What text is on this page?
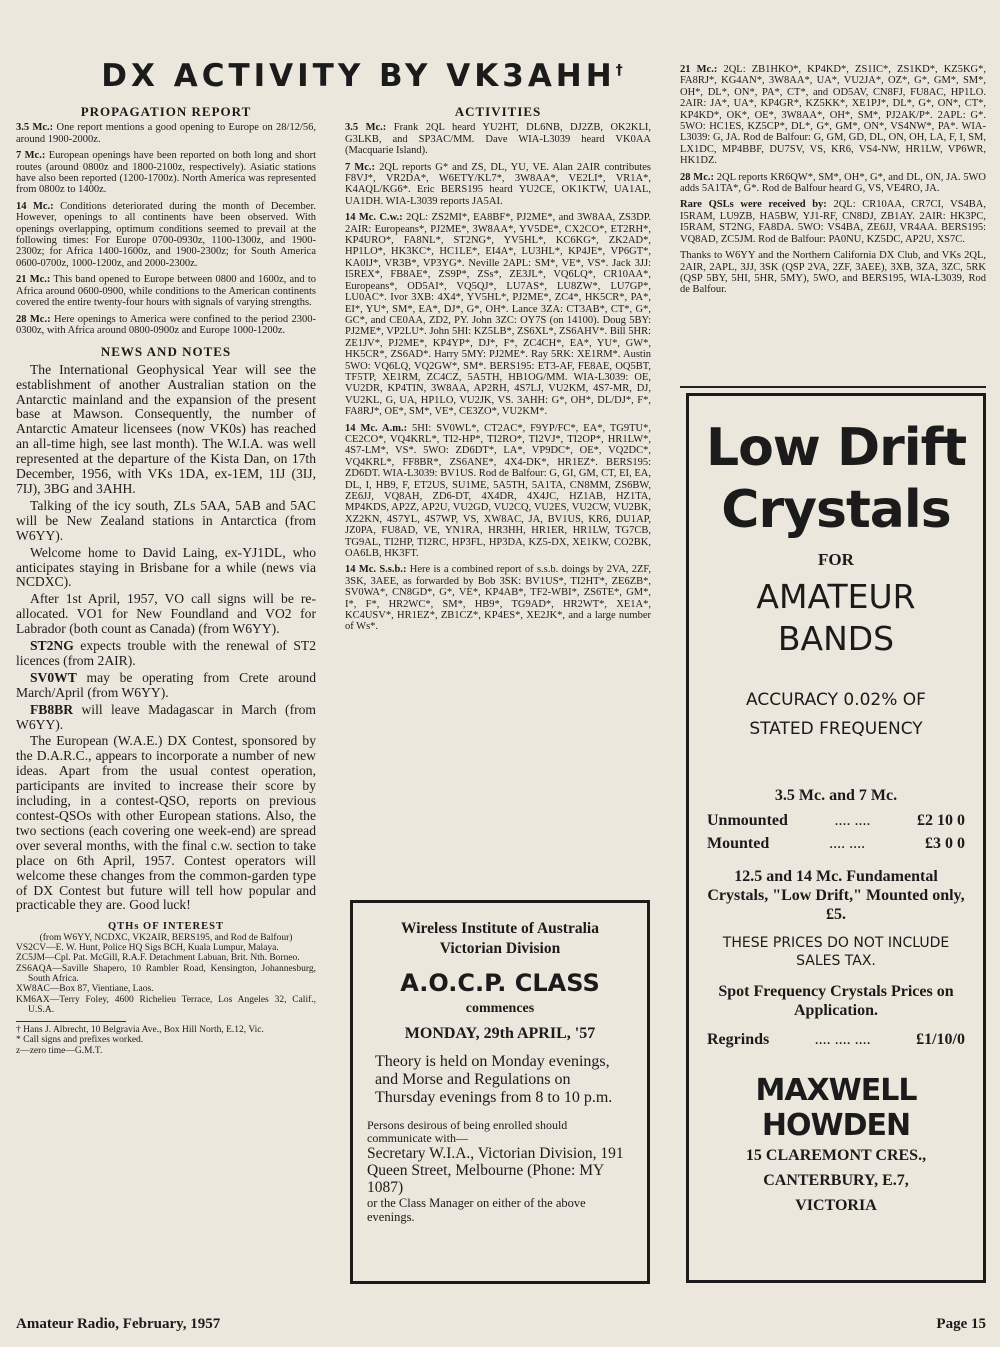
DX ACTIVITY BY VK3AHH†
PROPAGATION REPORT

3.5 Mc.: One report mentions a good opening to Europe on 28/12/56, around 1900-2000z.

7 Mc.: European openings have been reported on both long and short routes (around 0800z and 1800-2100z, respectively). Asiatic stations have also been reported (1200-1700z). North America was represented from 0800z to 1400z.

14 Mc.: Conditions deteriorated during the month of December. However, openings to all continents have been observed. With openings overlapping, optimum conditions seemed to prevail at the following times: For Europe 0700-0930z, 1100-1300z, and 1900-2300z; for Africa 1400-1600z, and 1900-2300z; for South America 0600-0700z, 1000-1200z, and 2000-2300z.

21 Mc.: This band opened to Europe between 0800 and 1600z, and to Africa around 0600-0900, while conditions to the American continents covered the entire twenty-four hours with signals of varying strengths.

28 Mc.: Here openings to America were confined to the period 2300-0300z, with Africa around 0800-0900z and Europe 1000-1200z.

NEWS AND NOTES

The International Geophysical Year will see the establishment of another Australian station on the Antarctic mainland and the expansion of the present base at Mawson. Consequently, the number of Antarctic Amateur licensees (now VK0s) has reached an all-time high, see last month). The W.I.A. was well represented at the departure of the Kista Dan, on 17th December, 1956, with VKs 1DA, ex-1EM, 1IJ (3IJ, 7IJ), 3BG and 3AHH.

Talking of the icy south, ZLs 5AA, 5AB and 5AC will be New Zealand stations in Antarctica (from W6YY).

Welcome home to David Laing, ex-YJ1DL, who anticipates staying in Brisbane for a while (news via NCDXC).

After 1st April, 1957, VO call signs will be re-allocated. VO1 for New Foundland and VO2 for Labrador (both count as Canada) (from W6YY).

ST2NG expects trouble with the renewal of ST2 licences (from 2AIR).

SV0WT may be operating from Crete around March/April (from W6YY).

FB8BR will leave Madagascar in March (from W6YY).

The European (W.A.E.) DX Contest, sponsored by the D.A.R.C., appears to incorporate a number of new ideas. Apart from the usual contest operation, participants are invited to increase their score by including, in a contest-QSO, reports on previous contest-QSOs with other European stations. Also, the two sections (each covering one week-end) are spread over several months, with the final c.w. section to take place on 6th April, 1957. Contest operators will welcome these changes from the common-garden type of DX Contest but future will tell how popular and practicable they are. Good luck!

QTHs OF INTEREST
(from W6YY, NCDXC, VK2AIR, BERS195, and Rod de Balfour)

VS2CV—E. W. Hunt, Police HQ Sigs BCH, Kuala Lumpur, Malaya.

ZC5JM—Cpl. Pat. McGill, R.A.F. Detachment Labuan, Brit. Nth. Borneo.

ZS6AQA—Saville Shapero, 10 Rambler Road, Kensington, Johannesburg, South Africa.

XW8AC—Box 87, Vientiane, Laos.

KM6AX—Terry Foley, 4600 Richelieu Terrace, Los Angeles 32, Calif., U.S.A.

† Hans J. Albrecht, 10 Belgravia Ave., Box Hill North, E.12, Vic.

* Call signs and prefixes worked.

z—zero time—G.M.T.

ACTIVITIES

3.5 Mc.: Frank 2QL heard YU2HT, DL6NB, DJ2ZB, OK2KLI, G3LKB, and SP3AC/MM. Dave WIA-L3039 heard VK0AA (Macquarie Island).

7 Mc.: 2QL reports G* and ZS, DL, YU, VE. Alan 2AIR contributes F8VJ*, VR2DA*, W6ETY/KL7*, 3W8AA*, VE2LI*, VR1A*, K4AQL/KG6*. Eric BERS195 heard YU2CE, OK1KTW, UA1AL, UA1DH. WIA-L3039 reports JA5AI.

14 Mc. C.w.: 2QL: ZS2MI*, EA8BF*, PJ2ME*, and 3W8AA, ZS3DP. 2AIR: Europeans*, PJ2ME*, 3W8AA*, YV5DE*, CX2CO*, ET2RH*, KP4URO*, FA8NL*, ST2NG*, YV5HL*, KC6KG*, ZK2AD*, HP1LO*, HK3KC*, HC1LE*, EI4A*, LU3HL*, KP4JE*, VP6GT*, KA0IJ*, VR3B*, VP3YG*. Neville 2APL: SM*, VE*, VS*. Jack 3JJ: I5REX*, FB8AE*, ZS9P*, ZSs*, ZE3JL*, VQ6LQ*, CR10AA*, Europeans*, OD5AI*, VQ5QJ*, LU7AS*, LU8ZW*, LU7GP*, LU0AC*. Ivor 3XB: 4X4*, YV5HL*, PJ2ME*, ZC4*, HK5CR*, PA*, EI*, YU*, SM*, EA*, DJ*, G*, OH*. Lance 3ZA: CT3AB*, CT*, G*, GC*, and CE0AA, ZD2, PY. John 3ZC: OY7S (on 14100). Doug 5BY: PJ2ME*, VP2LU*. John 5HI: KZ5LB*, ZS6XL*, ZS6AHV*. Bill 5HR: ZE1JV*, PJ2ME*, KP4YP*, DJ*, F*, ZC4CH*, EA*, YU*, GW*, HK5CR*, ZS6AD*. Harry 5MY: PJ2ME*. Ray 5RK: XE1RM*. Austin 5WO: VQ6LQ, VQ2GW*, SM*. BERS195: ET3-AF, FE8AE, OQ5BT, TF5TP, XE1RM, ZC4CZ, 5A5TH, HB1OG/MM. WIA-L3039: OE, VU2DR, KP4TIN, 3W8AA, AP2RH, 4S7LJ, VU2KM, 4S7-MR, DJ, VU2KL, G, UA, HP1LO, VU2JK, VS. 3AHH: G*, OH*, DL/DJ*, F*, FA8RJ*, OE*, SM*, VE*, CE3ZO*, VU2KM*.

14 Mc. A.m.: 5HI: SV0WL*, CT2AC*, F9YP/FC*, EA*, TG9TU*, CE2CO*, VQ4KRL*, TI2-HP*, TI2RO*, TI2VJ*, TI2OP*, HR1LW*, 4S7-LM*, VS*. 5WO: ZD6DT*, LA*, VP9DC*, OE*, VQ2DC*, VQ4KRL*, FF8BR*, ZS6ANE*, 4X4-DK*, HR1EZ*. BERS195: ZD6DT. WIA-L3039: BV1US. Rod de Balfour: G, GI, GM, CT, EI, EA, DL, I, HB9, F, ET2US, SU1ME, 5A5TH, 5A1TA, CN8MM, ZS6BW, ZE6JJ, VQ8AH, ZD6-DT, 4X4DR, 4X4JC, HZ1AB, HZ1TA, MP4KDS, AP2Z, AP2U, VU2GD, VU2CQ, VU2ES, VU2CW, VU2BK, XZ2KN, 4S7YL, 4S7WP, VS, XW8AC, JA, BV1US, KR6, DU1AP, JZ0PA, FU8AD, VE, YN1RA, HR3HH, HR1ER, HR1LW, TG7CB, TG9AL, TI2HP, TI2RC, HP3FL, HP3DA, KZ5-DX, XE1KW, CO2BK, OA6LB, HK3FT.

14 Mc. S.s.b.: Here is a combined report of s.s.b. doings by 2VA, 2ZF, 3SK, 3AEE, as forwarded by Bob 3SK: BV1US*, TI2HT*, ZE6ZB*, SV0WA*, CN8GD*, G*, VE*, KP4AB*, TF2-WBI*, ZS6TE*, GM*, I*, F*, HR2WC*, SM*, HB9*, TG9AD*, HR2WT*, XE1A*, KC4USV*, HR1EZ*, ZB1CZ*, KP4ES*, XE2JK*, and a large number of Ws*.

21 Mc.: 2QL: ZB1HKO*, KP4KD*, ZS1IC*, ZS1KD*, KZ5KG*, FA8RJ*, KG4AN*, 3W8AA*, UA*, VU2JA*, OZ*, G*, GM*, SM*, OH*, DL*, ON*, PA*, CT*, and OD5AV, CN8FJ, FU8AC, HP1LO. 2AIR: JA*, UA*, KP4GR*, KZ5KK*, XE1PJ*, DL*, G*, ON*, CT*, KP4KD*, OK*, OE*, 3W8AA*, OH*, SM*, PJ2AK/P*. 2APL: G*. 5WO: HC1ES, KZ5CP*, DL*, G*, GM*, ON*, VS4NW*, PA*. WIA-L3039: G, JA. Rod de Balfour: G, GM, GD, DL, ON, OH, LA, F, I, SM, LX1DC, MP4BBF, DU7SV, VS, KR6, VS4-NW, HR1LW, VP6WR, HK1DZ.

28 Mc.: 2QL reports KR6QW*, SM*, OH*, G*, and DL, ON, JA. 5WO adds 5A1TA*, G*. Rod de Balfour heard G, VS, VE4RO, JA.

Rare QSLs were received by: 2QL: CR10AA, CR7CI, VS4BA, I5RAM, LU9ZB, HA5BW, YJ1-RF, CN8DJ, ZB1AY. 2AIR: HK3PC, I5RAM, ST2NG, FA8DA. 5WO: VS4BA, ZE6JJ, VR4AA. BERS195: VQ8AD, ZC5JM. Rod de Balfour: PA0NU, KZ5DC, AP2U, XS7C.

Thanks to W6YY and the Northern California DX Club, and VKs 2QL, 2AIR, 2APL, 3JJ, 3SK (QSP 2VA, 2ZF, 3AEE), 3XB, 3ZA, 3ZC, 5RK (QSP 5BY, 5HI, 5HR, 5MY), 5WO, and BERS195, WIA-L3039, Rod de Balfour.

Wireless Institute of Australia
Victorian Division
A.O.C.P. CLASS
commences
MONDAY, 29th APRIL, '57
Theory is held on Monday evenings, and Morse and Regulations on Thursday evenings from 8 to 10 p.m.
Persons desirous of being enrolled should communicate with—
Secretary W.I.A., Victorian Division, 191 Queen Street, Melbourne (Phone: MY 1087)
or the Class Manager on either of the above evenings.
Low Drift
Crystals
FOR
AMATEUR
BANDS
ACCURACY 0.02% OF
STATED FREQUENCY
3.5 Mc. and 7 Mc.
Unmounted	.... ....	£2 10 0
Mounted	.... ....	£3 0 0
12.5 and 14 Mc. Fundamental Crystals, "Low Drift," Mounted only, £5.
THESE PRICES DO NOT INCLUDE SALES TAX.
Spot Frequency Crystals Prices on Application.
Regrinds	.... .... ....	£1/10/0
MAXWELL HOWDEN
15 CLAREMONT CRES.,
CANTERBURY, E.7,
VICTORIA
Amateur Radio, February, 1957	Page 15
